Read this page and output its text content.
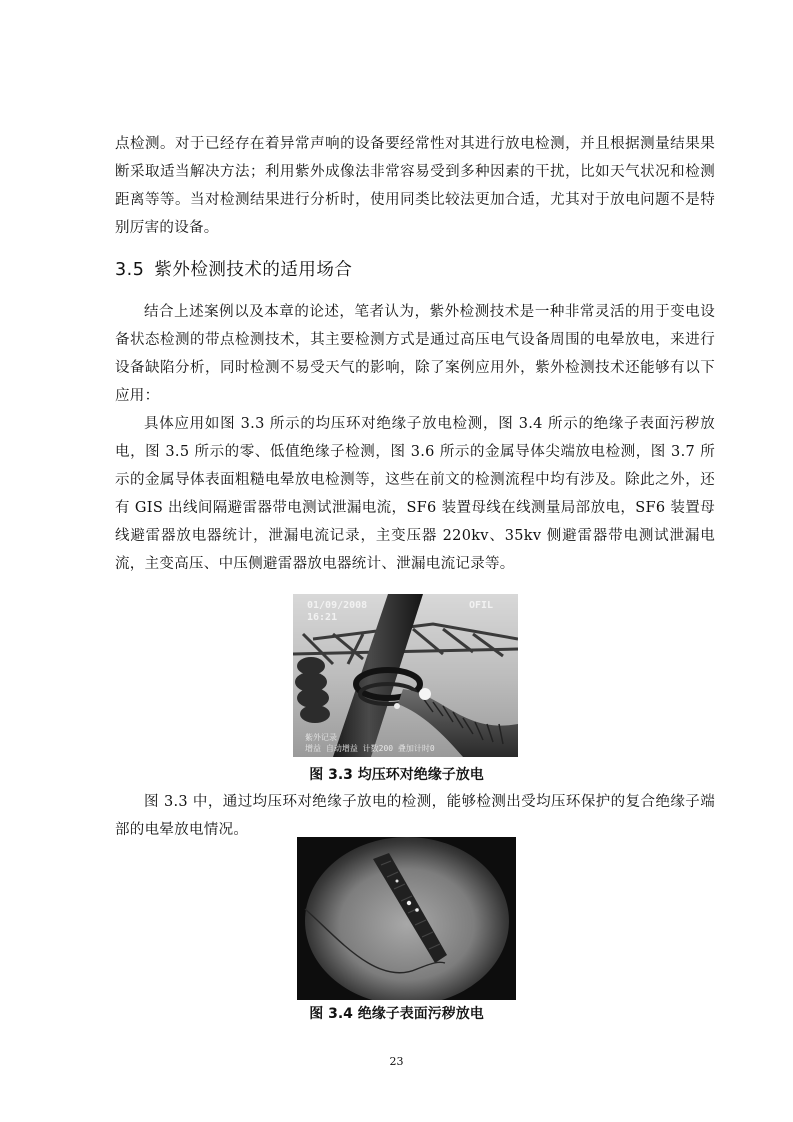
点检测。对于已经存在着异常声响的设备要经常性对其进行放电检测，并且根据测量结果果断采取适当解决方法；利用紫外成像法非常容易受到多种因素的干扰，比如天气状况和检测距离等等。当对检测结果进行分析时，使用同类比较法更加合适，尤其对于放电问题不是特别厉害的设备。

3.5 紫外检测技术的适用场合

结合上述案例以及本章的论述，笔者认为，紫外检测技术是一种非常灵活的用于变电设备状态检测的带点检测技术，其主要检测方式是通过高压电气设备周围的电晕放电，来进行设备缺陷分析，同时检测不易受天气的影响，除了案例应用外，紫外检测技术还能够有以下应用：

具体应用如图 3.3 所示的均压环对绝缘子放电检测，图 3.4 所示的绝缘子表面污秽放电，图 3.5 所示的零、低值绝缘子检测，图 3.6 所示的金属导体尖端放电检测，图 3.7 所示的金属导体表面粗糙电晕放电检测等，这些在前文的检测流程中均有涉及。除此之外，还有 GIS 出线间隔避雷器带电测试泄漏电流，SF6 装置母线在线测量局部放电，SF6 装置母线避雷器放电器统计，泄漏电流记录，主变压器 220kv、35kv 侧避雷器带电测试泄漏电流，主变高压、中压侧避雷器放电器统计、泄漏电流记录等。

01/09/2008
16:21
OFIL
紫外记录
增益 自动增益 计数200 叠加计时0
图 3.3 均压环对绝缘子放电

图 3.3 中，通过均压环对绝缘子放电的检测，能够检测出受均压环保护的复合绝缘子端部的电晕放电情况。

图 3.4 绝缘子表面污秽放电
23
